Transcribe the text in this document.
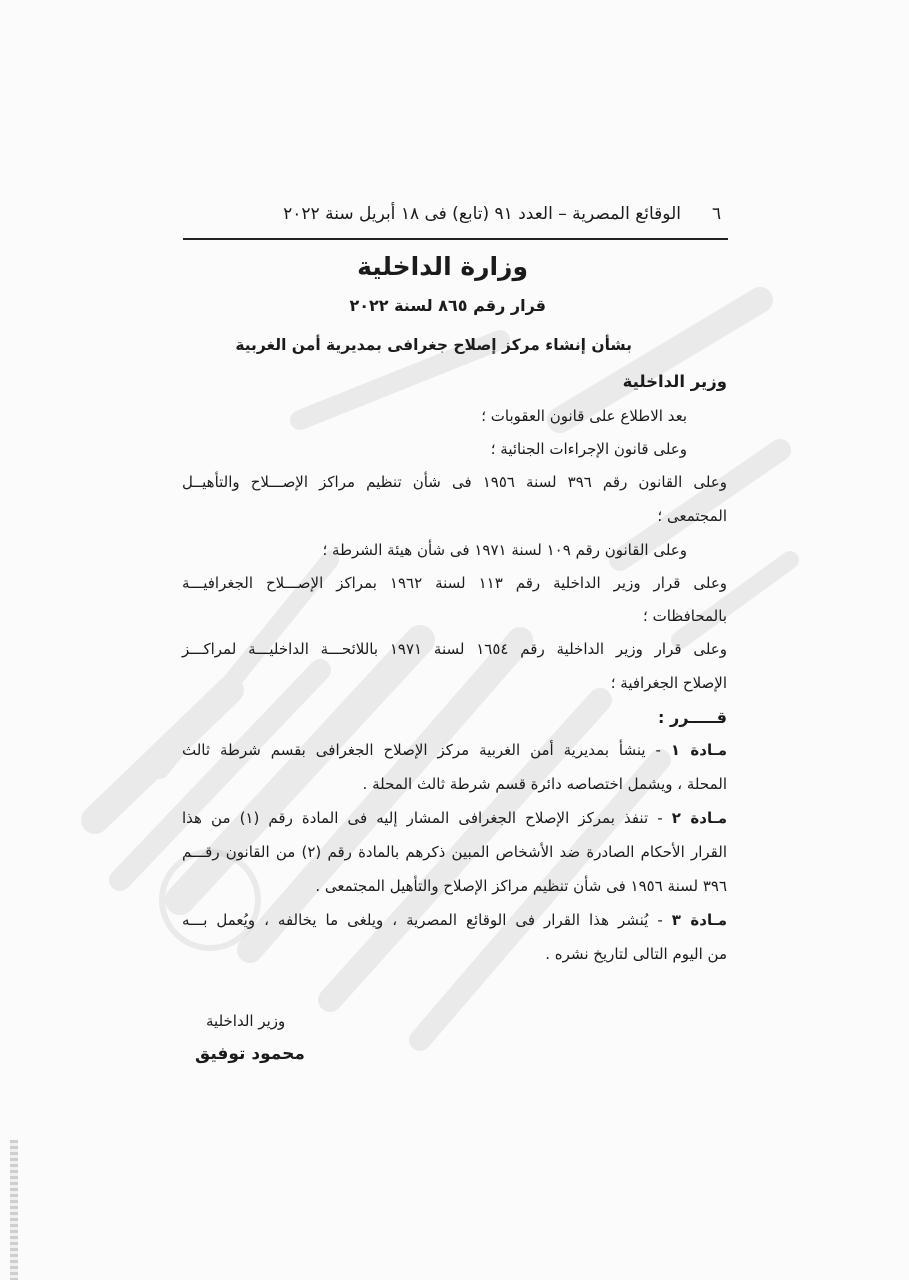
٦
الوقائع المصرية – العدد ٩١ (تابع) فى ١٨ أبريل سنة ٢٠٢٢
وزارة الداخلية
قرار رقم ٨٦٥ لسنة ٢٠٢٢
بشأن إنشاء مركز إصلاح جغرافى بمديرية أمن الغربية
وزير الداخلية
بعد الاطلاع على قانون العقوبات ؛
وعلى قانون الإجراءات الجنائية ؛
وعلى القانون رقم ٣٩٦ لسنة ١٩٥٦ فى شأن تنظيم مراكز الإصـــلاح والتأهيــل
المجتمعى ؛
وعلى القانون رقم ١٠٩ لسنة ١٩٧١ فى شأن هيئة الشرطة ؛
وعلى قرار وزير الداخلية رقم ١١٣ لسنة ١٩٦٢ بمراكز الإصـــلاح الجغرافيـــة
بالمحافظات ؛
وعلى قرار وزير الداخلية رقم ١٦٥٤ لسنة ١٩٧١ باللائحـــة الداخليـــة لمراكـــز
الإصلاح الجغرافية ؛
قـــــرر :
مـادة ١ - ينشأ بمديرية أمن الغربية مركز الإصلاح الجغرافى بقسم شرطة ثالث
المحلة ، ويشمل اختصاصه دائرة قسم شرطة ثالث المحلة .
مـادة ٢ - تنفذ بمركز الإصلاح الجغرافى المشار إليه فى المادة رقم (١) من هذا
القرار الأحكام الصادرة ضد الأشخاص المبين ذكرهم بالمادة رقم (٢) من القانون رقـــم
٣٩٦ لسنة ١٩٥٦ فى شأن تنظيم مراكز الإصلاح والتأهيل المجتمعى .
مـادة ٣ - يُنشر هذا القرار فى الوقائع المصرية ، ويلغى ما يخالفه ، ويُعمل بـــه
من اليوم التالى لتاريخ نشره .
وزير الداخلية
محمود توفيق
